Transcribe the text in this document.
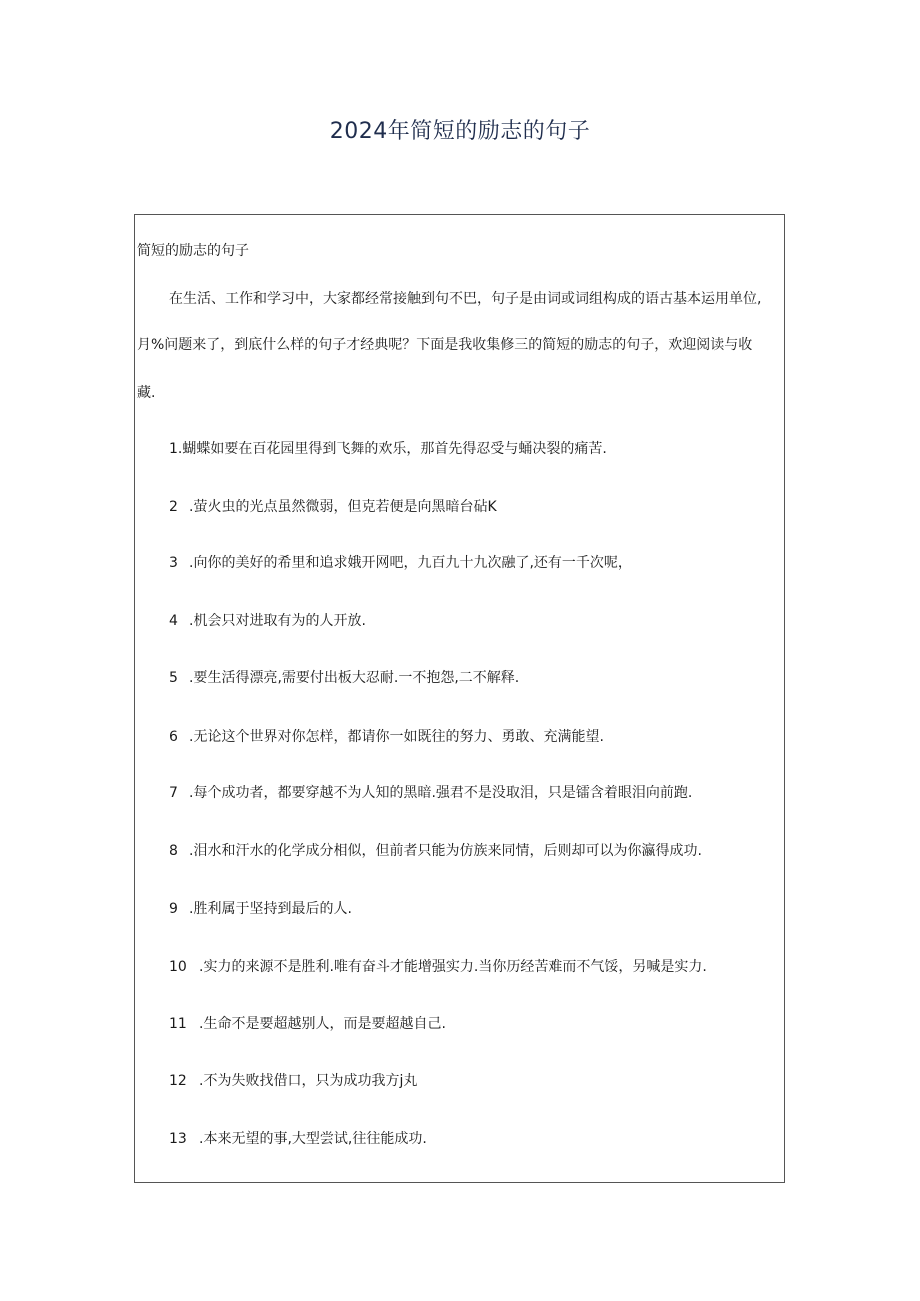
2024年简短的励志的句子
简短的励志的句子
在生活、工作和学习中，大家都经常接触到句不巴，句子是由词或词组构成的语古基本运用单位,
月%问题来了，到底什么样的句子才经典呢？下面是我收集修三的简短的励志的句子，欢迎阅读与收
藏.
1.蝴蝶如要在百花园里得到飞舞的欢乐，那首先得忍受与蛹决裂的痛苦.
2 .萤火虫的光点虽然微弱，但克若便是向黑暗台砧K
3 .向你的美好的希里和追求娥开网吧，九百九十九次融了,还有一千次呢，
4 .机会只对进取有为的人开放.
5 .要生活得漂亮,需要付出板大忍耐.一不抱怨,二不解释.
6 .无论这个世界对你怎样，都请你一如既往的努力、勇敢、充满能望.
7 .每个成功者，都要穿越不为人知的黑暗.强君不是没取泪，只是镭含着眼泪向前跑.
8 .泪水和汗水的化学成分相似，但前者只能为仿族来同情，后则却可以为你瀛得成功.
9 .胜利属于坚持到最后的人.
10 .实力的来源不是胜利.唯有奋斗才能增强实力.当你历经苦难而不气馁，另喊是实力.
11 .生命不是要超越别人，而是要超越自己.
12 .不为失败找借口，只为成功我方j丸
13 .本来无望的事,大型尝试,往往能成功.
